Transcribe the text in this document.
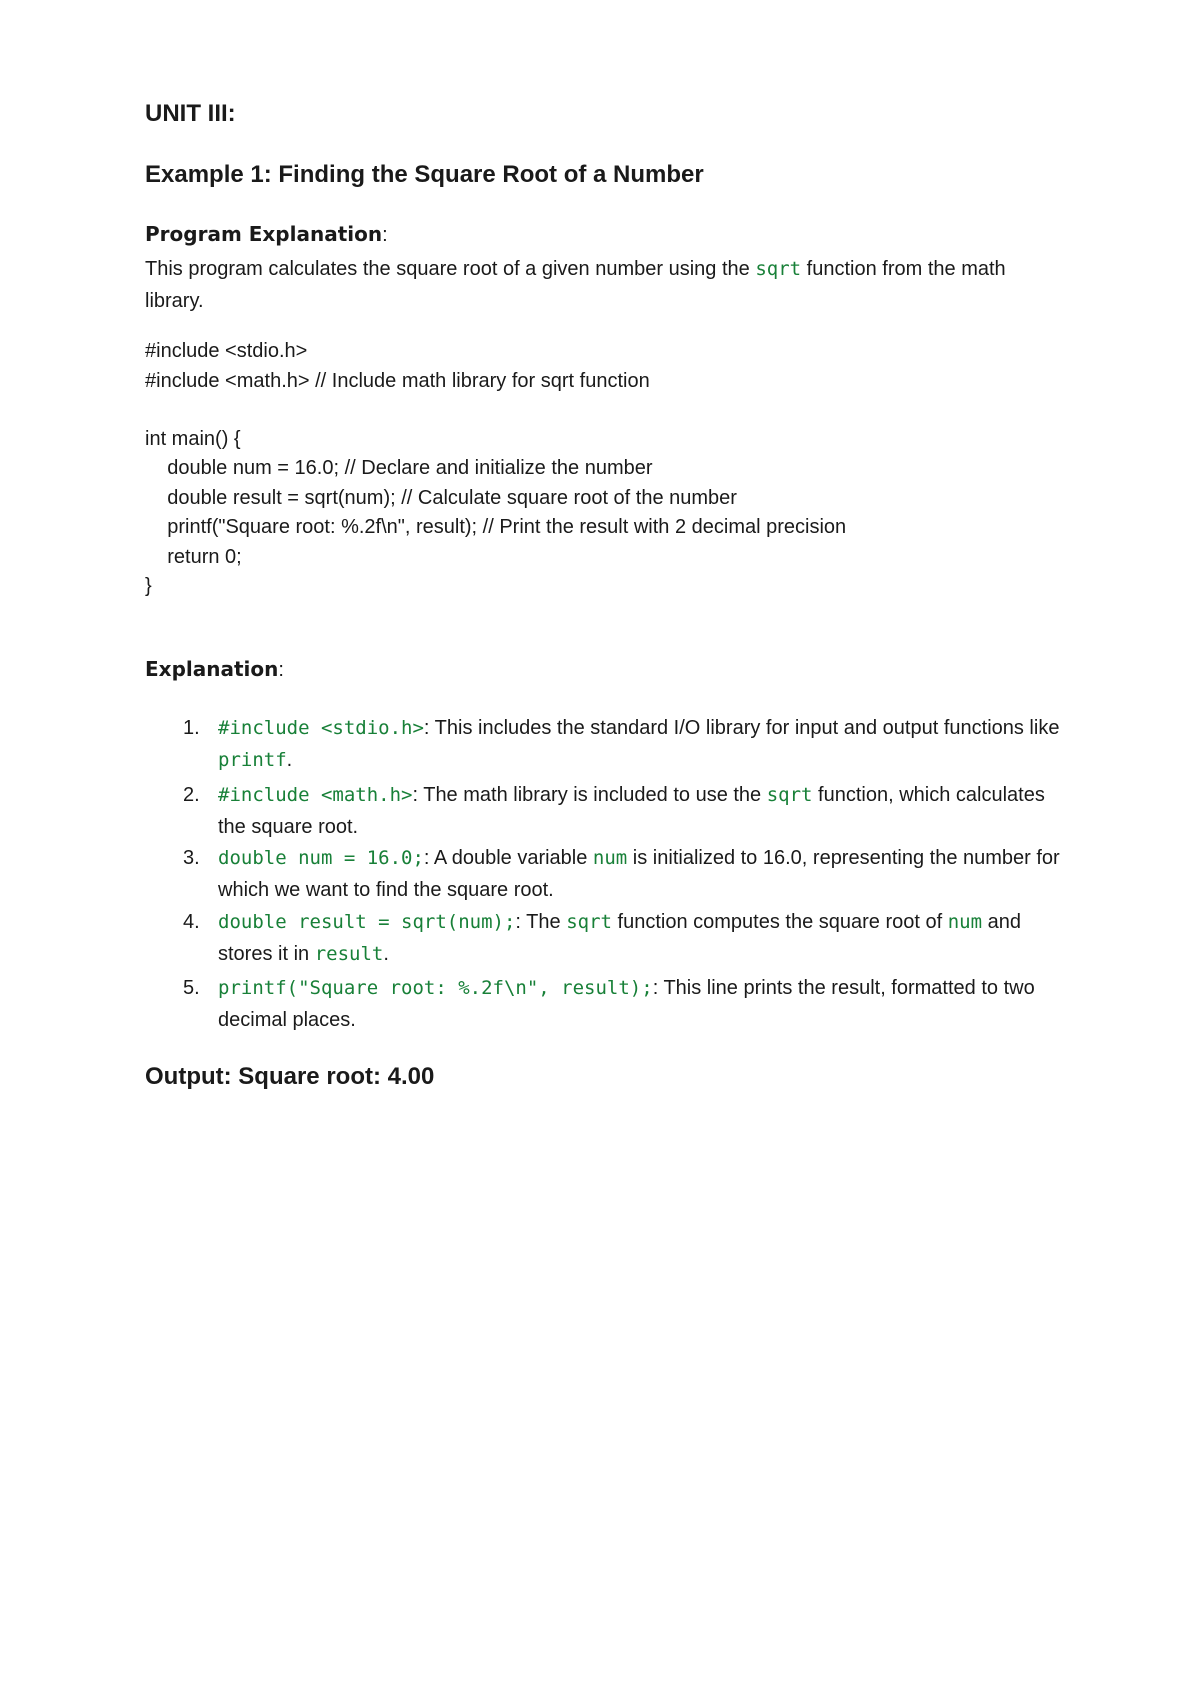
UNIT III:
Example 1: Finding the Square Root of a Number
Program Explanation:

This program calculates the square root of a given number using the sqrt function from the math library.

#include <stdio.h>
#include <math.h> // Include math library for sqrt function
int main() {
double num = 16.0; // Declare and initialize the number
double result = sqrt(num); // Calculate square root of the number
printf("Square root: %.2f\n", result); // Print the result with 2 decimal precision
return 0;
}
Explanation:
1. #include <stdio.h>: This includes the standard I/O library for input and output functions like printf.
2. #include <math.h>: The math library is included to use the sqrt function, which calculates the square root.
3. double num = 16.0;: A double variable num is initialized to 16.0, representing the number for which we want to find the square root.
4. double result = sqrt(num);: The sqrt function computes the square root of num and stores it in result.
5. printf("Square root: %.2f\n", result);: This line prints the result, formatted to two decimal places.
Output: Square root: 4.00
